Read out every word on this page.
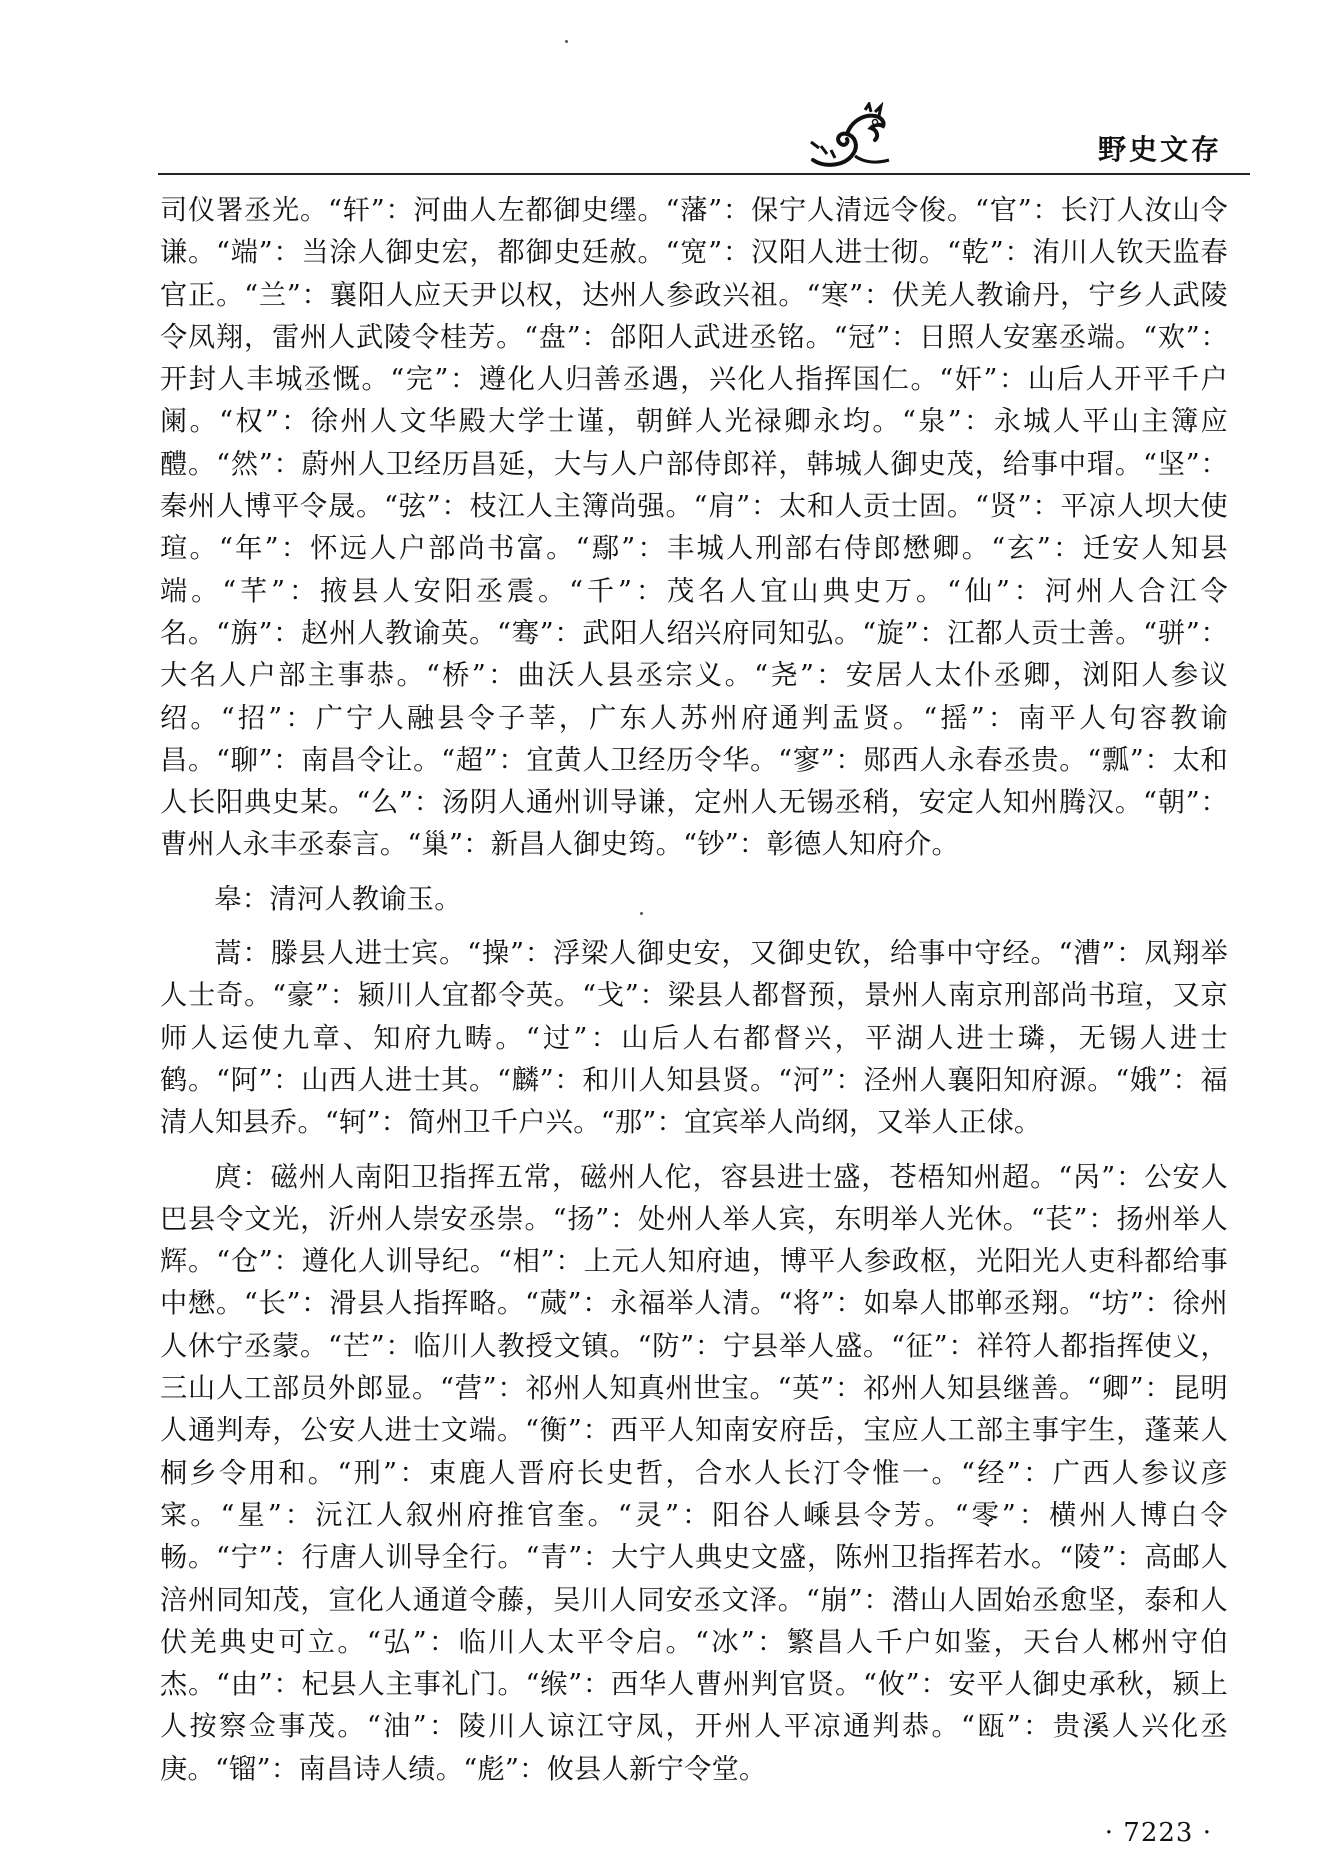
野史文存

司仪署丞光。“轩”：河曲人左都御史𬙊。“藩”：保宁人清远令俊。“官”：长汀人汝山令谦。“端”：当涂人御史宏，都御史廷赦。“宽”：汉阳人进士彻。“乾”：洧川人钦天监春官正。“兰”：襄阳人应天尹以权，达州人参政兴祖。“寒”：伏羌人教谕丹，宁乡人武陵令凤翔，雷州人武陵令桂芳。“盘”：郃阳人武进丞铭。“冠”：日照人安塞丞端。“欢”：开封人丰城丞慨。“完”：遵化人归善丞遇，兴化人指挥国仁。“奸”：山后人开平千户阑。“权”：徐州人文华殿大学士谨，朝鲜人光禄卿永均。“泉”：永城人平山主簿应醴。“然”：蔚州人卫经历昌延，大与人户部侍郎祥，韩城人御史茂，给事中瑁。“坚”：秦州人博平令晟。“弦”：枝江人主簿尚强。“肩”：太和人贡士固。“贤”：平凉人坝大使瑄。“年”：怀远人户部尚书富。“鄢”：丰城人刑部右侍郎懋卿。“玄”：迁安人知县端。“芊”：掖县人安阳丞震。“千”：茂名人宜山典史万。“仙”：河州人合江令名。“旃”：赵州人教谕英。“骞”：武阳人绍兴府同知弘。“旋”：江都人贡士善。“骈”：大名人户部主事恭。“桥”：曲沃人县丞宗义。“尧”：安居人太仆丞卿，浏阳人参议绍。“招”：广宁人融县令子莘，广东人苏州府通判盂贤。“摇”：南平人句容教谕昌。“聊”：南昌令让。“超”：宜黄人卫经历令华。“寥”：郧西人永春丞贵。“瓢”：太和人长阳典史某。“么”：汤阴人通州训导谦，定州人无锡丞稍，安定人知州腾汉。“朝”：曹州人永丰丞泰言。“巢”：新昌人御史筠。“钞”：彰德人知府介。

皋：清河人教谕玉。

蒿：滕县人进士宾。“操”：浮梁人御史安，又御史钦，给事中守经。“漕”：凤翔举人士奇。“豪”：颍川人宜都令英。“戈”：梁县人都督预，景州人南京刑部尚书瑄，又京师人运使九章、知府九畴。“过”：山后人右都督兴，平湖人进士璘，无锡人进士鹤。“阿”：山西人进士其。“麟”：和川人知县贤。“河”：泾州人襄阳知府源。“娥”：福清人知县乔。“轲”：简州卫千户兴。“那”：宜宾举人尚纲，又举人正俅。

庹：磁州人南阳卫指挥五常，磁州人佗，容县进士盛，苍梧知州超。“呙”：公安人巴县令文光，沂州人崇安丞崇。“扬”：处州人举人宾，东明举人光休。“苌”：扬州举人辉。“仓”：遵化人训导纪。“相”：上元人知府迪，博平人参政枢，光阳光人吏科都给事中懋。“长”：滑县人指挥略。“蒇”：永福举人清。“将”：如皋人邯郸丞翔。“坊”：徐州人休宁丞蒙。“芒”：临川人教授文镇。“防”：宁县举人盛。“征”：祥符人都指挥使义，三山人工部员外郎显。“营”：祁州人知真州世宝。“英”：祁州人知县继善。“卿”：昆明人通判寿，公安人进士文端。“衡”：西平人知南安府岳，宝应人工部主事宇生，蓬莱人桐乡令用和。“刑”：束鹿人晋府长史哲，合水人长汀令惟一。“经”：广西人参议彦寀。“星”：沅江人叙州府推官奎。“灵”：阳谷人嵊县令芳。“零”：横州人博白令畅。“宁”：行唐人训导全行。“青”：大宁人典史文盛，陈州卫指挥若水。“陵”：高邮人涪州同知茂，宣化人通道令藤，吴川人同安丞文泽。“崩”：潜山人固始丞愈坚，泰和人伏羌典史可立。“弘”：临川人太平令启。“冰”：繁昌人千户如鉴，天台人郴州守伯杰。“由”：杞县人主事礼门。“缑”：西华人曹州判官贤。“攸”：安平人御史承秋，颍上人按察佥事茂。“油”：陵川人谅江守凤，开州人平凉通判恭。“瓯”：贵溪人兴化丞庚。“镏”：南昌诗人绩。“彪”：攸县人新宁令堂。

· 7223 ·
